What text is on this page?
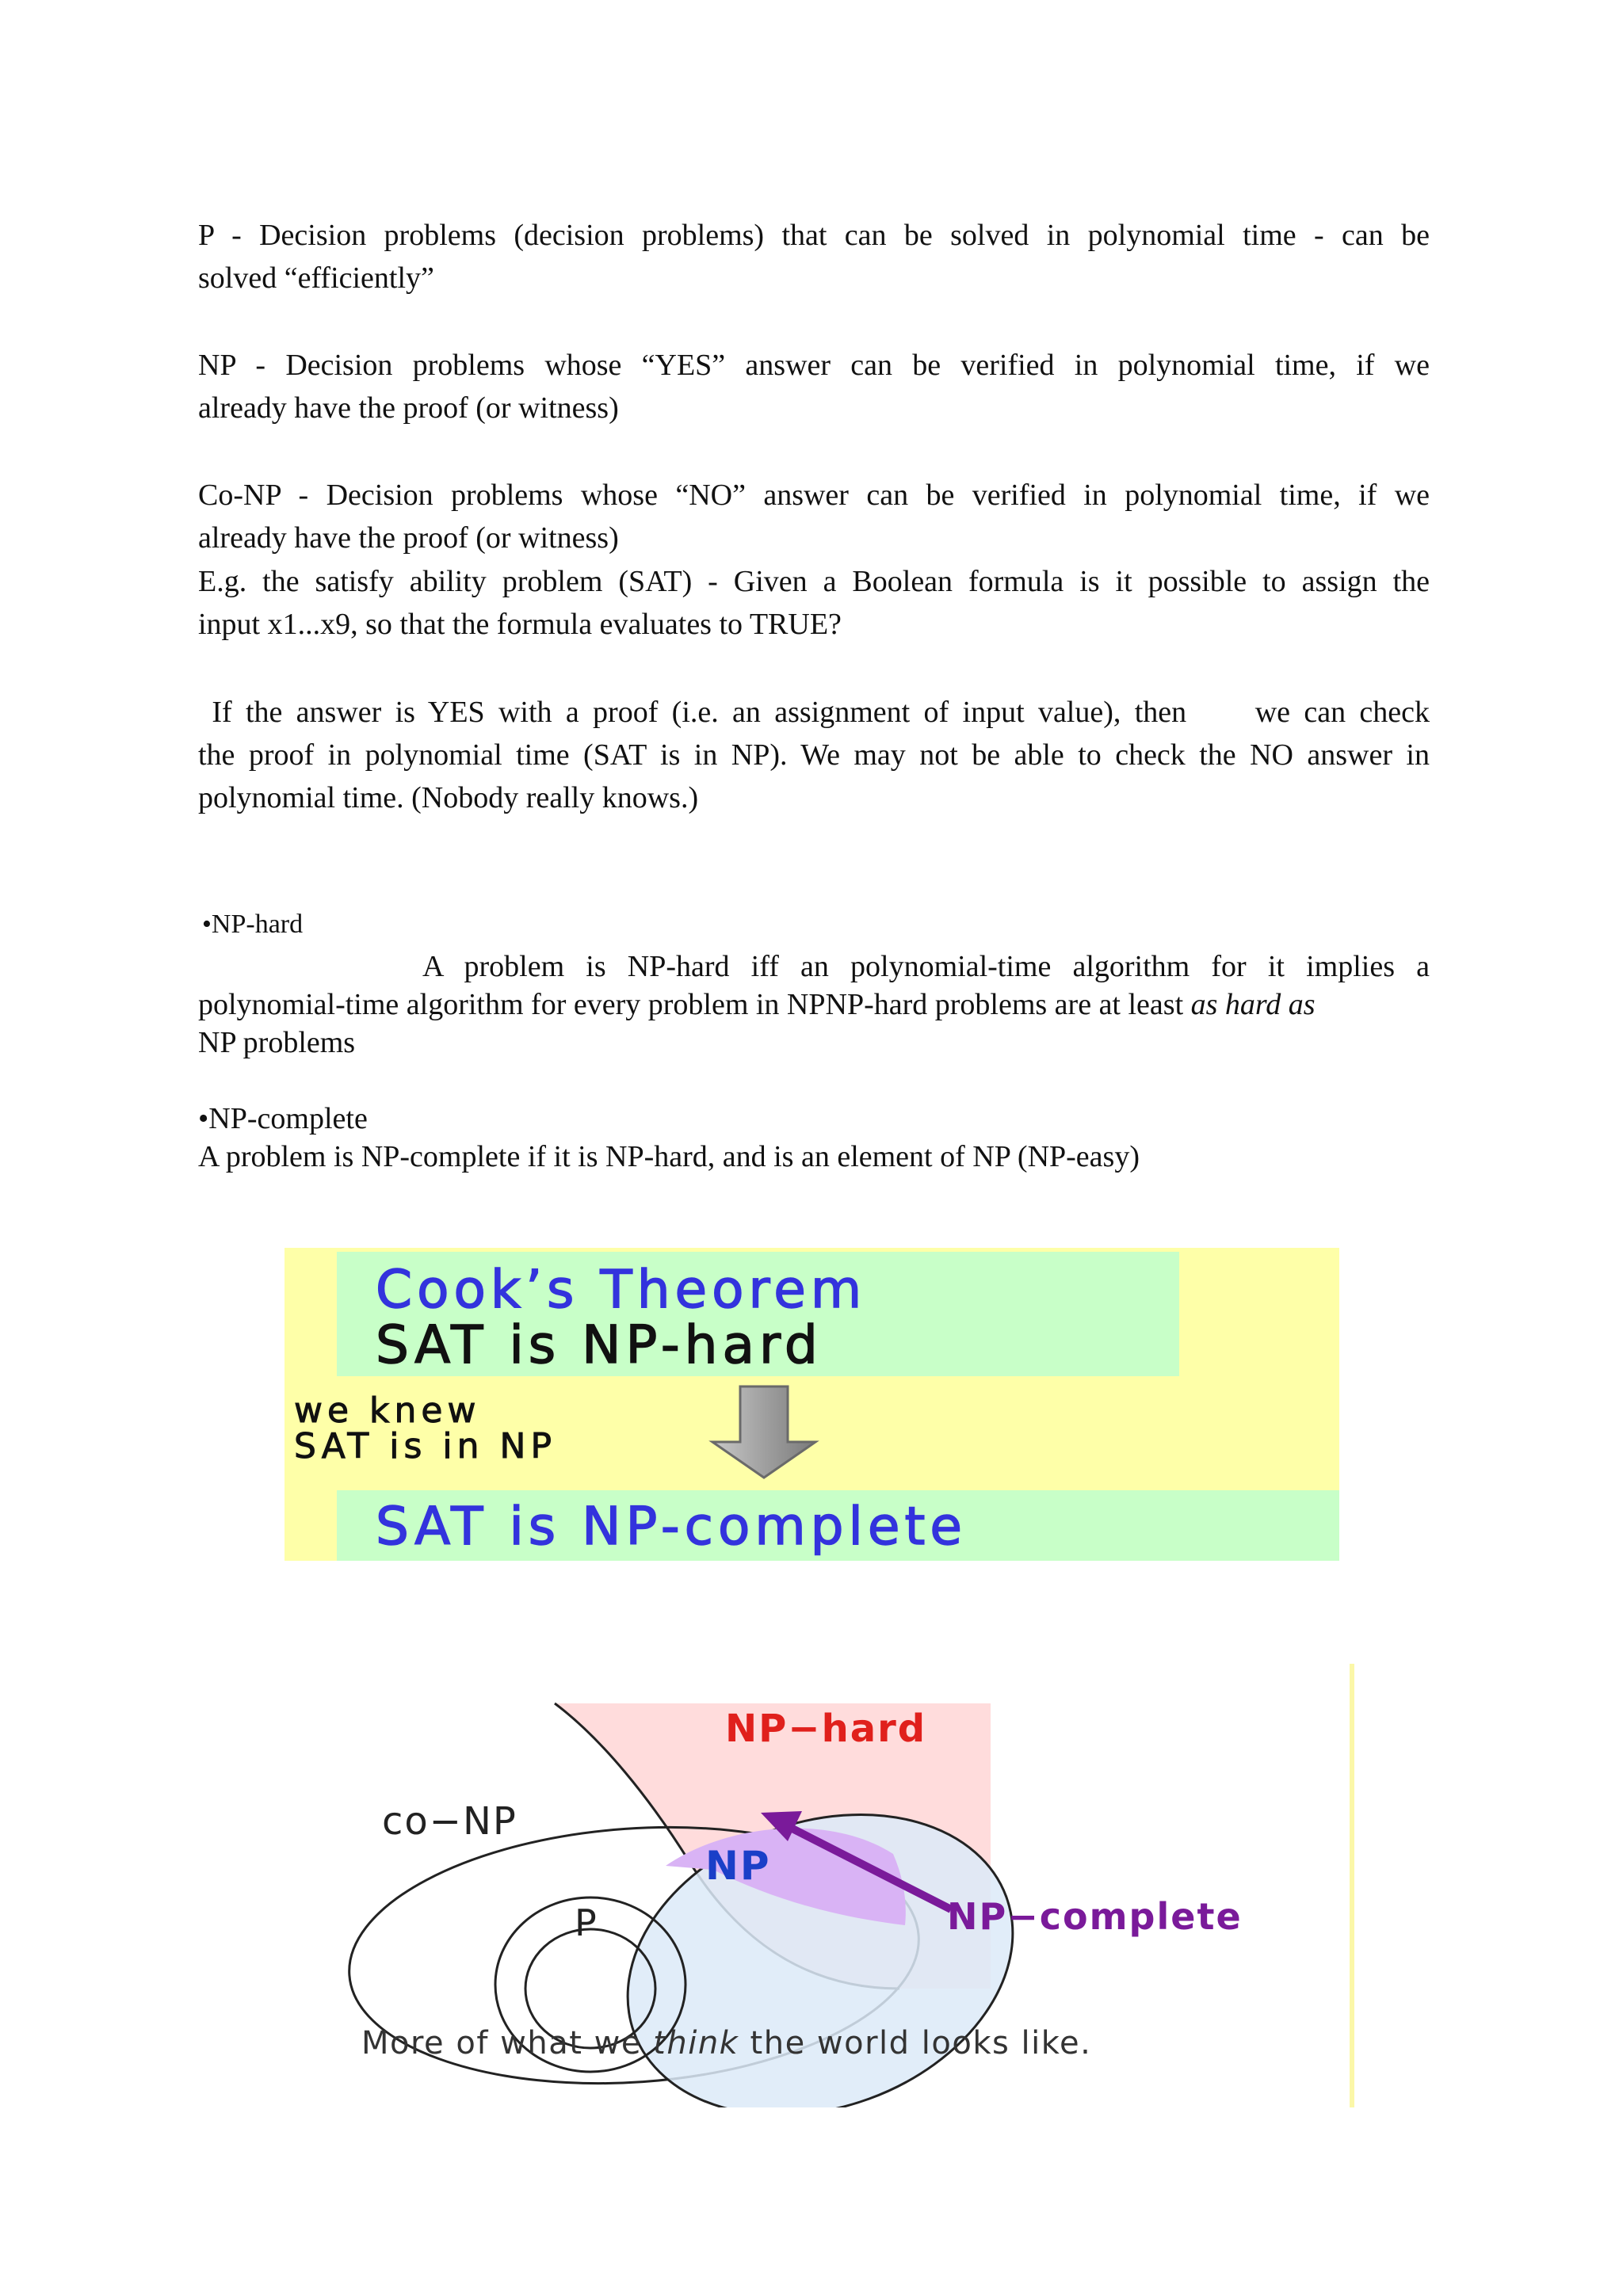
P - Decision problems (decision problems) that can be solved in polynomial time - can be
solved “efficiently”

NP - Decision problems whose “YES” answer can be verified in polynomial time, if we
already have the proof (or witness)

Co-NP - Decision problems whose “NO” answer can be verified in polynomial time, if we
already have the proof (or witness)

E.g. the satisfy ability problem (SAT) - Given a Boolean formula is it possible to assign the
input x1...x9, so that the formula evaluates to TRUE?

If the answer is YES with a proof (i.e. an assignment of input value), then     we can check
the proof in polynomial time (SAT is in NP). We may not be able to check the NO answer in
polynomial time. (Nobody really knows.)

•NP-hard

A problem is NP-hard iff an polynomial-time algorithm for it implies a
polynomial-time algorithm for every problem in NPNP-hard problems are at least as hard as
NP problems

•NP-complete
A problem is NP-complete if it is NP-hard, and is an element of NP (NP-easy)
Cook’s Theorem
SAT is NP-hard
we knew
SAT is in NP
SAT is NP-complete
NP−hard
co−NP
NP
P	NP−complete
More of what we think the world looks like.
